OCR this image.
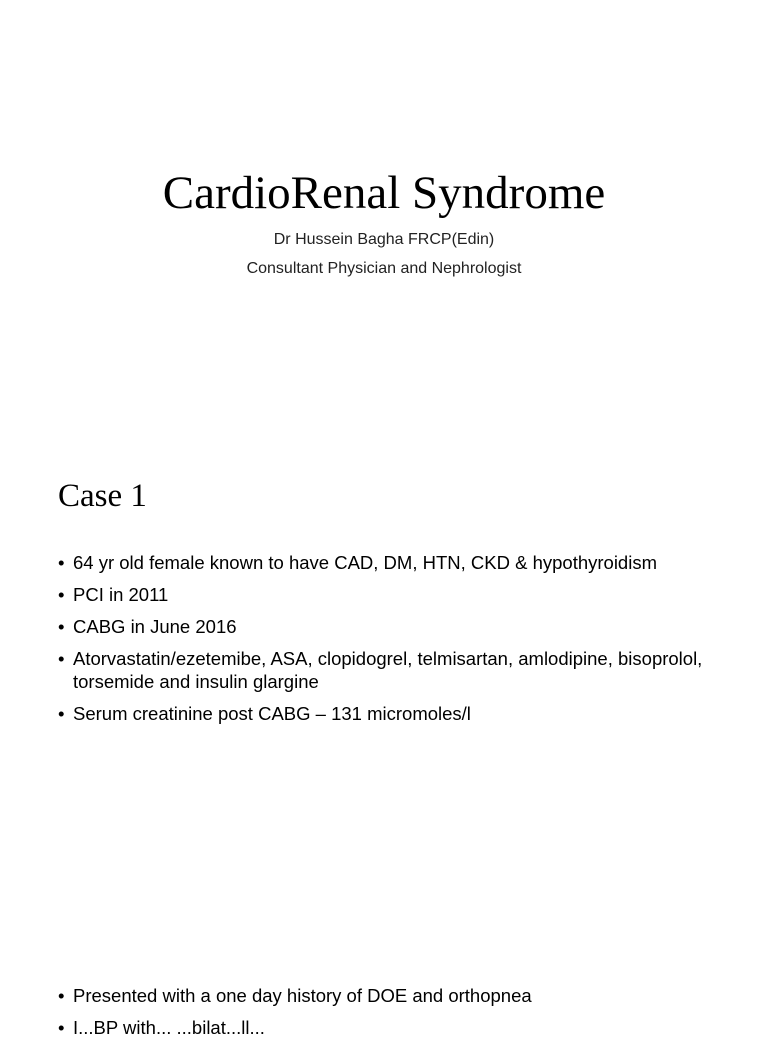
CardioRenal Syndrome

Dr Hussein Bagha FRCP(Edin)

Consultant Physician and Nephrologist

Case 1
• 64 yr old female known to have CAD, DM, HTN, CKD & hypothyroidism
• PCI in 2011
• CABG in June 2016
• Atorvastatin/ezetemibe, ASA, clopidogrel, telmisartan, amlodipine, bisoprolol, torsemide and insulin glargine
• Serum creatinine post CABG – 131 micromoles/l
• Presented with a one day history of DOE and orthopnea
• I...BP with... ...bilat...ll...
